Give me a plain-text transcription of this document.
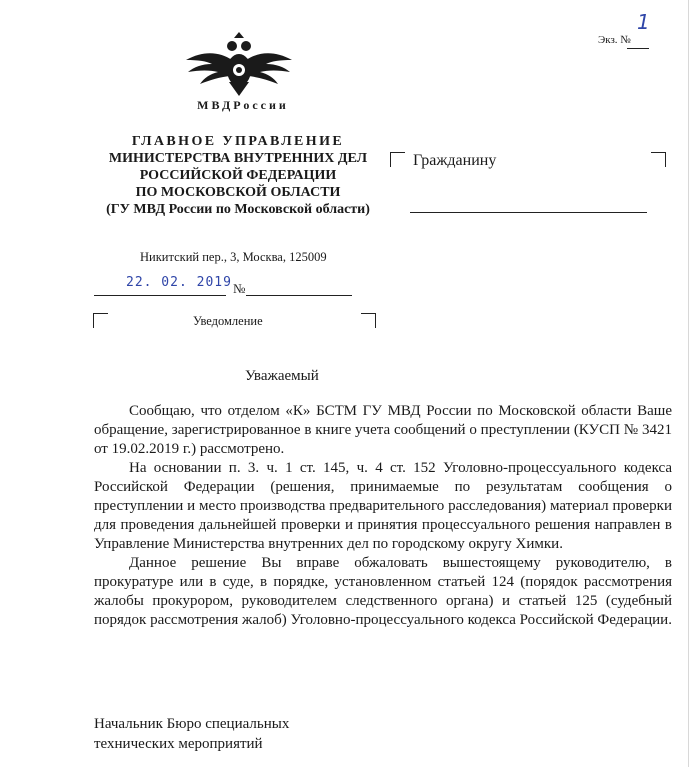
Экз. №
1
МВДРоссии
ГЛАВНОЕ УПРАВЛЕНИЕ
МИНИСТЕРСТВА ВНУТРЕННИХ ДЕЛ
РОССИЙСКОЙ ФЕДЕРАЦИИ
ПО МОСКОВСКОЙ ОБЛАСТИ
(ГУ МВД России по Московской области)
Никитский пер., 3, Москва, 125009
22. 02. 2019 №
Уведомление
Гражданину
Уважаемый

Сообщаю, что отделом «К» БСТМ ГУ МВД России по Московской области Ваше обращение, зарегистрированное в книге учета сообщений о преступлении (КУСП № 3421 от 19.02.2019 г.) рассмотрено.

На основании п. 3. ч. 1 ст. 145, ч. 4 ст. 152 Уголовно-процессуального кодекса Российской Федерации (решения, принимаемые по результатам сообщения о преступлении и место производства предварительного расследования) материал проверки для проведения дальнейшей проверки и принятия процессуального решения направлен в Управление Министерства внутренних дел по городскому округу Химки.

Данное решение Вы вправе обжаловать вышестоящему руководителю, в прокуратуре или в суде, в порядке, установленном статьей 124 (порядок рассмотрения жалобы прокурором, руководителем следственного органа) и статьей 125 (судебный порядок рассмотрения жалоб) Уголовно-процессуального кодекса Российской Федерации.

Начальник Бюро специальных
технических мероприятий
